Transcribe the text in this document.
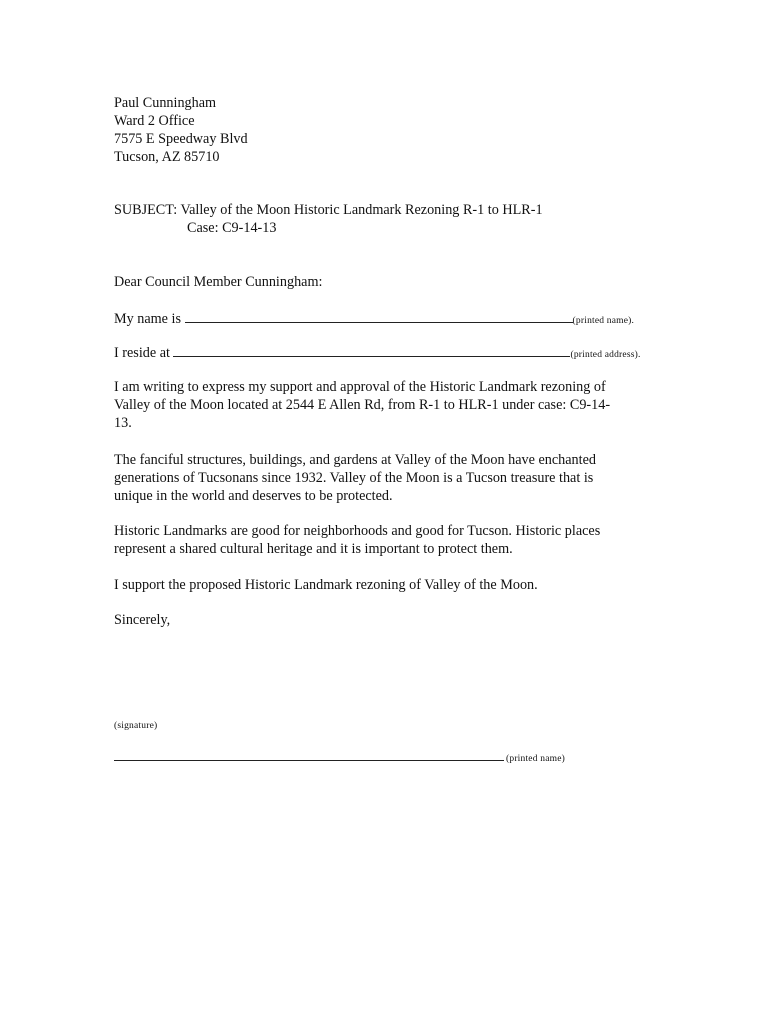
Paul Cunningham
Ward 2 Office
7575 E Speedway Blvd
Tucson, AZ 85710
SUBJECT: Valley of the Moon Historic Landmark Rezoning R-1 to HLR-1
Case: C9-14-13
Dear Council Member Cunningham:
My name is	(printed name).
I reside at	(printed address).
I am writing to express my support and approval of the Historic Landmark rezoning of
Valley of the Moon located at 2544 E Allen Rd, from R-1 to HLR-1 under case: C9-14-
13.
The fanciful structures, buildings, and gardens at Valley of the Moon have enchanted
generations of Tucsonans since 1932. Valley of the Moon is a Tucson treasure that is
unique in the world and deserves to be protected.
Historic Landmarks are good for neighborhoods and good for Tucson. Historic places
represent a shared cultural heritage and it is important to protect them.
I support the proposed Historic Landmark rezoning of Valley of the Moon.
Sincerely,
(signature)
(printed name)
